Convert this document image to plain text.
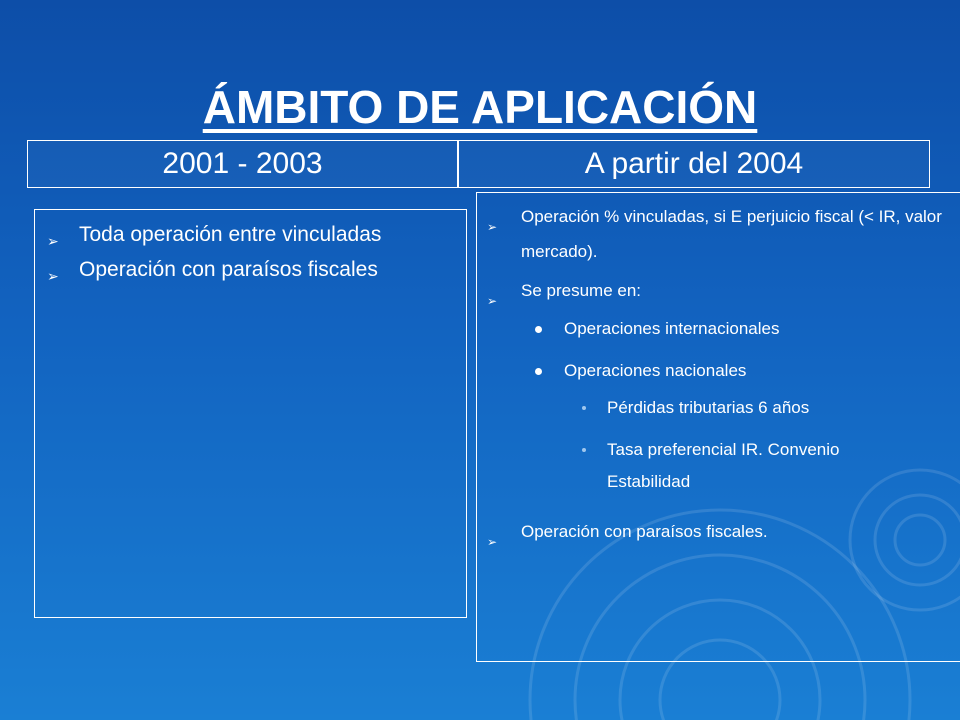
ÁMBITO DE APLICACIÓN
2001 - 2003	A partir del 2004
➢ Toda operación entre vinculadas
➢ Operación con paraísos fiscales
➢
Operación % vinculadas, si E perjuicio fiscal (< IR, valor mercado).
➢
Se presume en:
Operaciones internacionales
Operaciones nacionales
Pérdidas tributarias 6 años
Tasa preferencial IR. Convenio Estabilidad
➢
Operación con paraísos fiscales.
